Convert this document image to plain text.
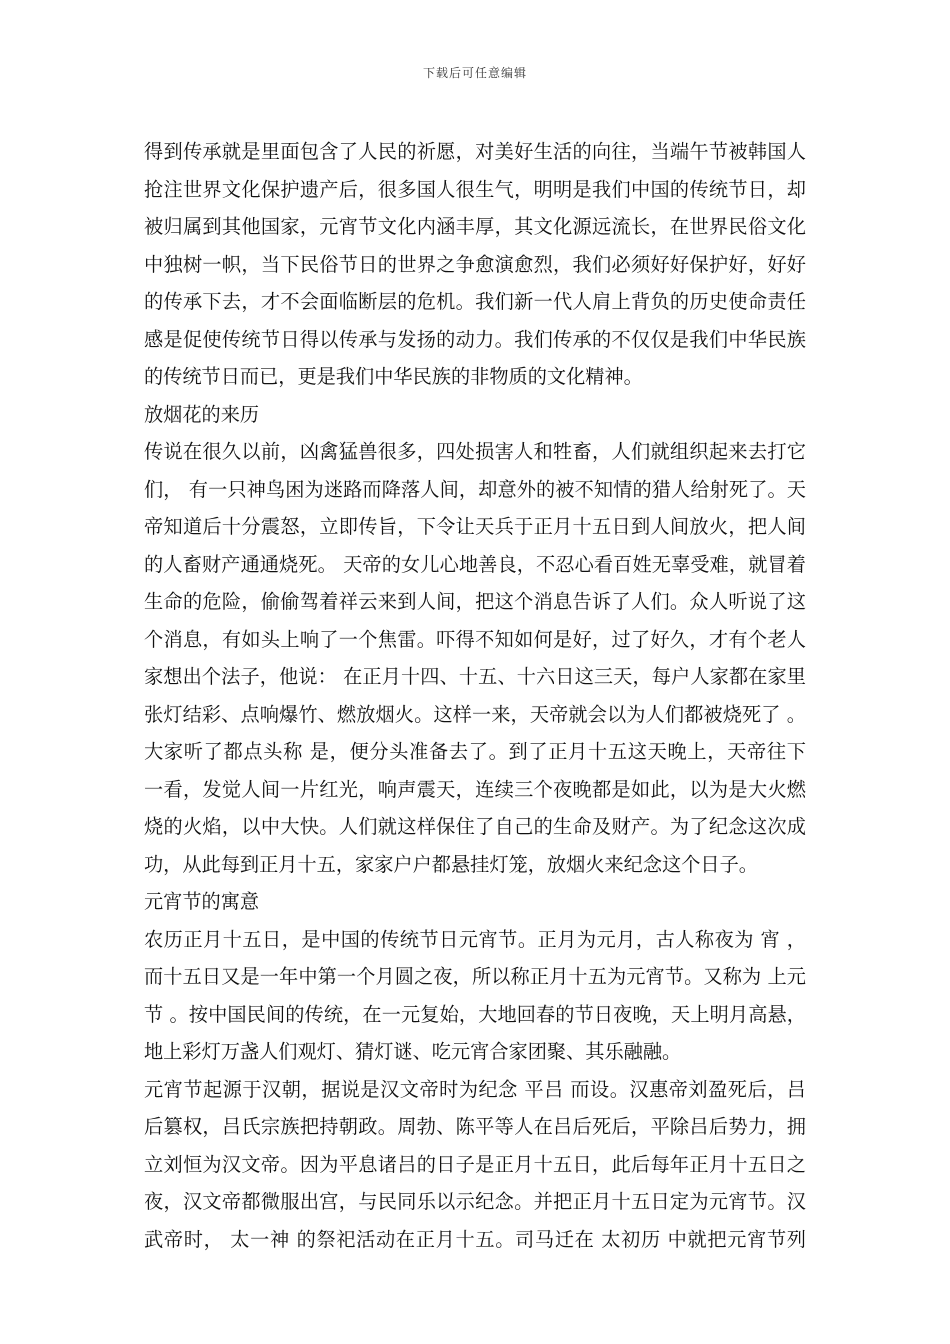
下载后可任意编辑
得到传承就是里面包含了人民的祈愿，对美好生活的向往，当端午节被韩国人
抢注世界文化保护遗产后，很多国人很生气，明明是我们中国的传统节日，却
被归属到其他国家，元宵节文化内涵丰厚，其文化源远流长，在世界民俗文化
中独树一帜，当下民俗节日的世界之争愈演愈烈，我们必须好好保护好，好好
的传承下去，才不会面临断层的危机。我们新一代人肩上背负的历史使命责任
感是促使传统节日得以传承与发扬的动力。我们传承的不仅仅是我们中华民族
的传统节日而已，更是我们中华民族的非物质的文化精神。
放烟花的来历
传说在很久以前，凶禽猛兽很多，四处损害人和牲畜，人们就组织起来去打它
们， 有一只神鸟困为迷路而降落人间，却意外的被不知情的猎人给射死了。天
帝知道后十分震怒，立即传旨，下令让天兵于正月十五日到人间放火，把人间
的人畜财产通通烧死。 天帝的女儿心地善良，不忍心看百姓无辜受难，就冒着
生命的危险，偷偷驾着祥云来到人间，把这个消息告诉了人们。众人听说了这
个消息，有如头上响了一个焦雷。吓得不知如何是好，过了好久，才有个老人
家想出个法子，他说： 在正月十四、十五、十六日这三天，每户人家都在家里
张灯结彩、点响爆竹、燃放烟火。这样一来，天帝就会以为人们都被烧死了 。
大家听了都点头称 是，便分头准备去了。到了正月十五这天晚上，天帝往下
一看，发觉人间一片红光，响声震天，连续三个夜晚都是如此，以为是大火燃
烧的火焰，以中大快。人们就这样保住了自己的生命及财产。为了纪念这次成
功，从此每到正月十五，家家户户都悬挂灯笼，放烟火来纪念这个日子。
元宵节的寓意
农历正月十五日，是中国的传统节日元宵节。正月为元月，古人称夜为 宵 ，
而十五日又是一年中第一个月圆之夜，所以称正月十五为元宵节。又称为 上元
节 。按中国民间的传统，在一元复始，大地回春的节日夜晚，天上明月高悬，
地上彩灯万盏人们观灯、猜灯谜、吃元宵合家团聚、其乐融融。
元宵节起源于汉朝，据说是汉文帝时为纪念 平吕 而设。汉惠帝刘盈死后，吕
后篡权，吕氏宗族把持朝政。周勃、陈平等人在吕后死后，平除吕后势力，拥
立刘恒为汉文帝。因为平息诸吕的日子是正月十五日，此后每年正月十五日之
夜，汉文帝都微服出宫，与民同乐以示纪念。并把正月十五日定为元宵节。汉
武帝时， 太一神 的祭祀活动在正月十五。司马迁在 太初历 中就把元宵节列
